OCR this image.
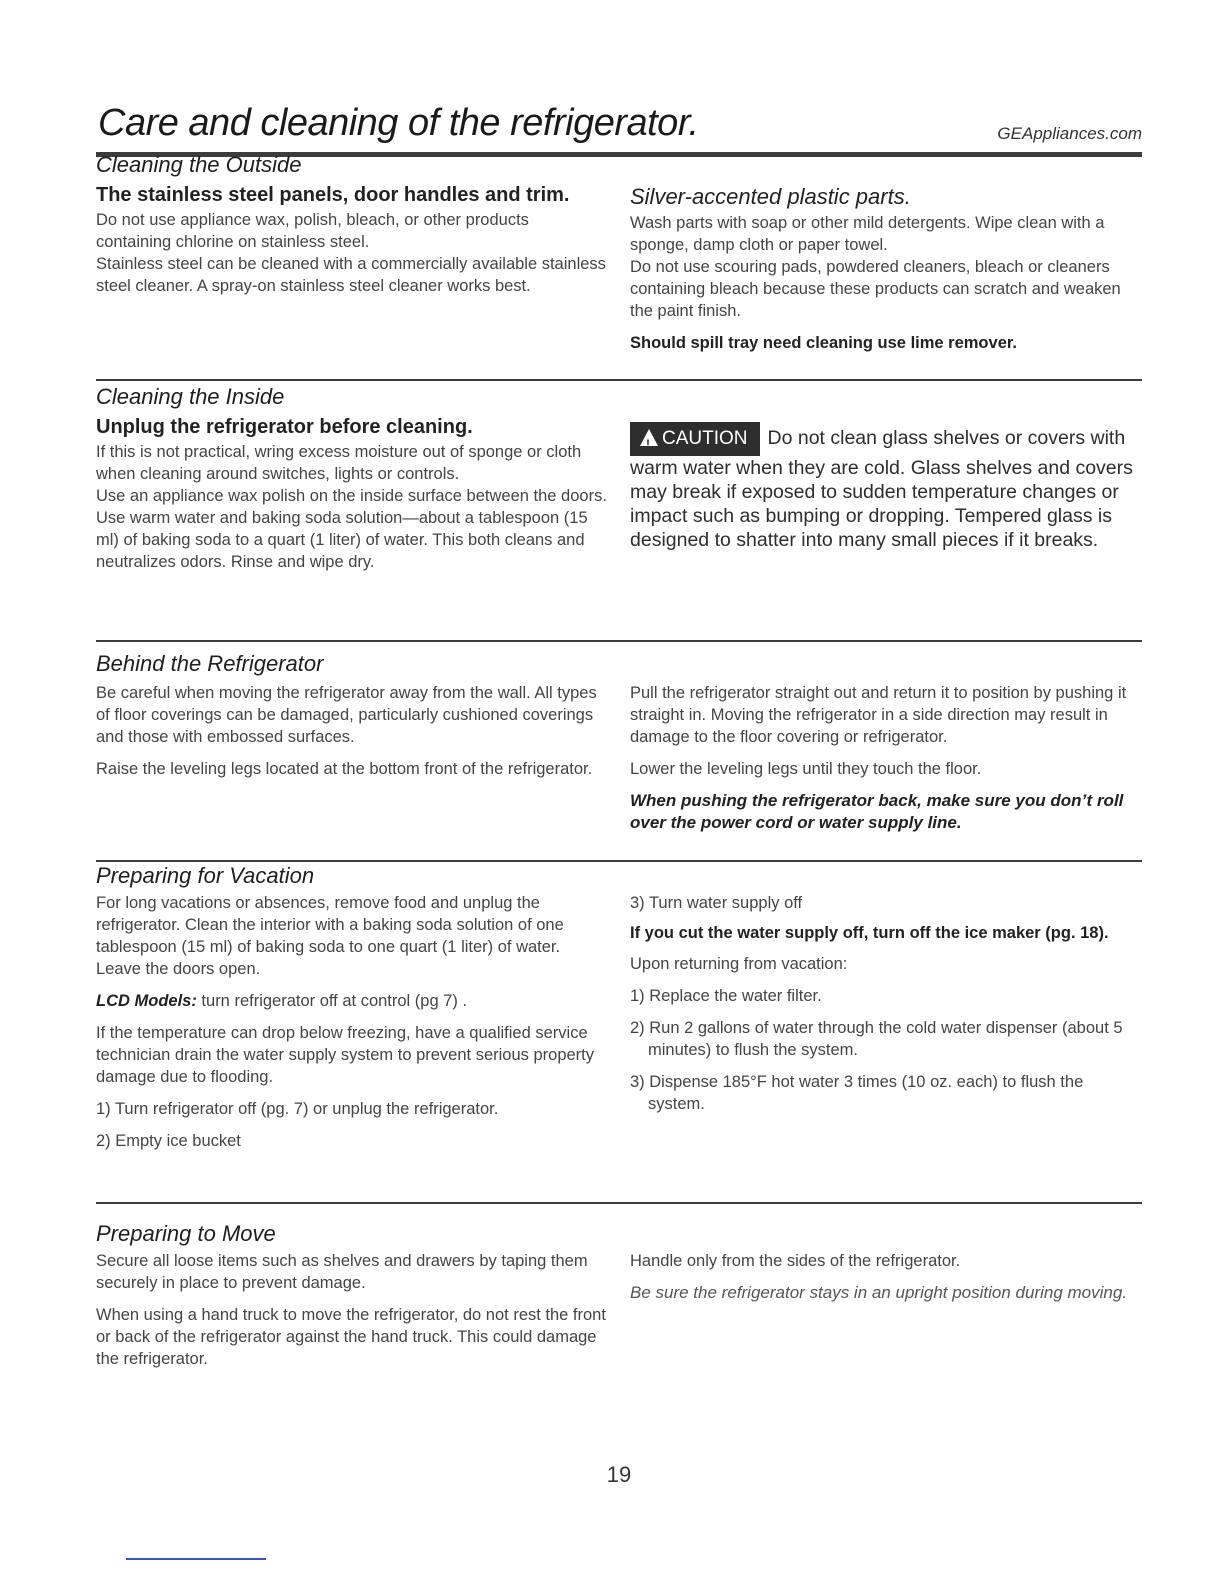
Care and cleaning of the refrigerator.	GEAppliances.com
Cleaning the Outside
The stainless steel panels, door handles and trim.

Do not use appliance wax, polish, bleach, or other products containing chlorine on stainless steel.

Stainless steel can be cleaned with a commercially available stainless steel cleaner. A spray-on stainless steel cleaner works best.

Silver-accented plastic parts.

Wash parts with soap or other mild detergents. Wipe clean with a sponge, damp cloth or paper towel.

Do not use scouring pads, powdered cleaners, bleach or cleaners containing bleach because these products can scratch and weaken the paint finish.

Should spill tray need cleaning use lime remover.

Cleaning the Inside
Unplug the refrigerator before cleaning.

If this is not practical, wring excess moisture out of sponge or cloth when cleaning around switches, lights or controls.

Use an appliance wax polish on the inside surface between the doors.

Use warm water and baking soda solution—about a tablespoon (15 ml) of baking soda to a quart (1 liter) of water. This both cleans and neutralizes odors. Rinse and wipe dry.

! CAUTION Do not clean glass shelves or covers with warm water when they are cold. Glass shelves and covers may break if exposed to sudden temperature changes or impact such as bumping or dropping. Tempered glass is designed to shatter into many small pieces if it breaks.

Behind the Refrigerator

Be careful when moving the refrigerator away from the wall. All types of floor coverings can be damaged, particularly cushioned coverings and those with embossed surfaces.

Raise the leveling legs located at the bottom front of the refrigerator.

Pull the refrigerator straight out and return it to position by pushing it straight in. Moving the refrigerator in a side direction may result in damage to the floor covering or refrigerator.

Lower the leveling legs until they touch the floor.

When pushing the refrigerator back, make sure you don’t roll over the power cord or water supply line.

Preparing for Vacation

For long vacations or absences, remove food and unplug the refrigerator. Clean the interior with a baking soda solution of one tablespoon (15 ml) of baking soda to one quart (1 liter) of water. Leave the doors open.

LCD Models: turn refrigerator off at control (pg 7) .

If the temperature can drop below freezing, have a qualified service technician drain the water supply system to prevent serious property damage due to flooding.

1) Turn refrigerator off (pg. 7) or unplug the refrigerator.

2) Empty ice bucket

3) Turn water supply off

If you cut the water supply off, turn off the ice maker (pg. 18).

Upon returning from vacation:

1) Replace the water filter.

2) Run 2 gallons of water through the cold water dispenser (about 5 minutes) to flush the system.

3) Dispense 185°F hot water 3 times (10 oz. each) to flush the system.

Preparing to Move

Secure all loose items such as shelves and drawers by taping them securely in place to prevent damage.

When using a hand truck to move the refrigerator, do not rest the front or back of the refrigerator against the hand truck. This could damage the refrigerator.

Handle only from the sides of the refrigerator.

Be sure the refrigerator stays in an upright position during moving.

19
